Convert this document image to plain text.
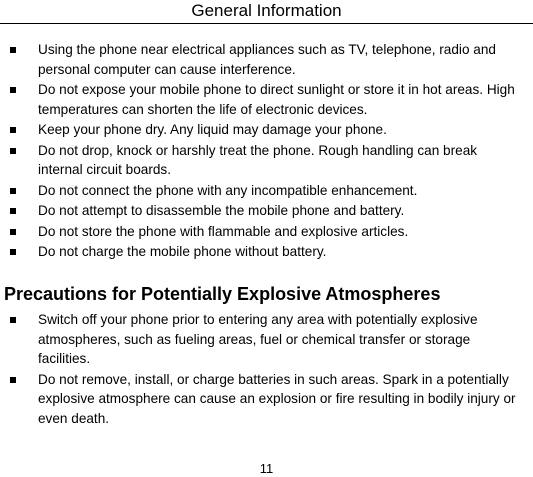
General Information
Using the phone near electrical appliances such as TV, telephone, radio and personal computer can cause interference.
Do not expose your mobile phone to direct sunlight or store it in hot areas. High temperatures can shorten the life of electronic devices.
Keep your phone dry. Any liquid may damage your phone.
Do not drop, knock or harshly treat the phone. Rough handling can break internal circuit boards.
Do not connect the phone with any incompatible enhancement.
Do not attempt to disassemble the mobile phone and battery.
Do not store the phone with flammable and explosive articles.
Do not charge the mobile phone without battery.
Precautions for Potentially Explosive Atmospheres
Switch off your phone prior to entering any area with potentially explosive atmospheres, such as fueling areas, fuel or chemical transfer or storage facilities.
Do not remove, install, or charge batteries in such areas. Spark in a potentially explosive atmosphere can cause an explosion or fire resulting in bodily injury or even death.
11
